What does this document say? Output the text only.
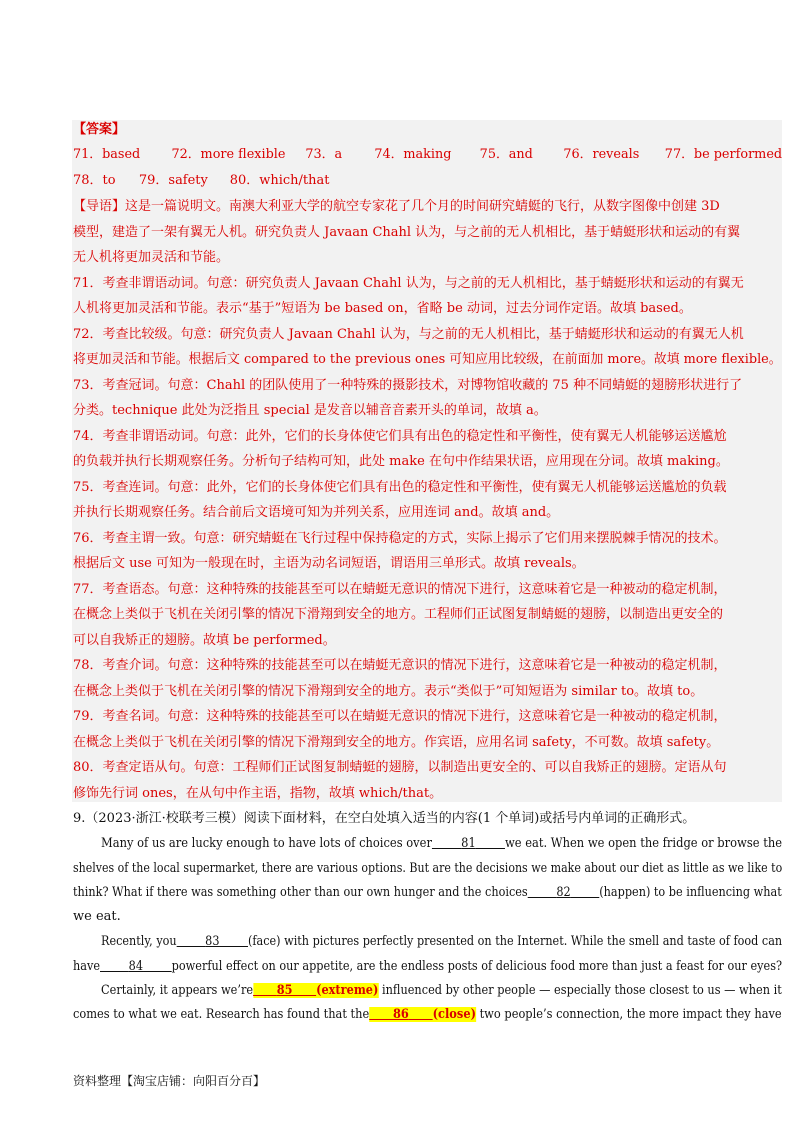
【答案】
71．based 72．more flexible 73．a 74．making 75．and 76．reveals 77．be performed
78．to 79．safety 80．which/that
【导语】这是一篇说明文。南澳大利亚大学的航空专家花了几个月的时间研究蜻蜓的飞行，从数字图像中创建 3D
模型，建造了一架有翼无人机。研究负责人 Javaan Chahl 认为，与之前的无人机相比，基于蜻蜓形状和运动的有翼
无人机将更加灵活和节能。
71．考查非谓语动词。句意：研究负责人 Javaan Chahl 认为，与之前的无人机相比，基于蜻蜓形状和运动的有翼无
人机将更加灵活和节能。表示“基于”短语为 be based on，省略 be 动词，过去分词作定语。故填 based。
72．考查比较级。句意：研究负责人 Javaan Chahl 认为，与之前的无人机相比，基于蜻蜓形状和运动的有翼无人机
将更加灵活和节能。根据后文 compared to the previous ones 可知应用比较级，在前面加 more。故填 more flexible。
73．考查冠词。句意：Chahl 的团队使用了一种特殊的摄影技术，对博物馆收藏的 75 种不同蜻蜓的翅膀形状进行了
分类。technique 此处为泛指且 special 是发音以辅音音素开头的单词，故填 a。
74．考查非谓语动词。句意：此外，它们的长身体使它们具有出色的稳定性和平衡性，使有翼无人机能够运送尴尬
的负载并执行长期观察任务。分析句子结构可知，此处 make 在句中作结果状语，应用现在分词。故填 making。
75．考查连词。句意：此外，它们的长身体使它们具有出色的稳定性和平衡性，使有翼无人机能够运送尴尬的负载
并执行长期观察任务。结合前后文语境可知为并列关系，应用连词 and。故填 and。
76．考查主谓一致。句意：研究蜻蜓在飞行过程中保持稳定的方式，实际上揭示了它们用来摆脱棘手情况的技术。
根据后文 use 可知为一般现在时，主语为动名词短语，谓语用三单形式。故填 reveals。
77．考查语态。句意：这种特殊的技能甚至可以在蜻蜓无意识的情况下进行，这意味着它是一种被动的稳定机制，
在概念上类似于飞机在关闭引擎的情况下滑翔到安全的地方。工程师们正试图复制蜻蜓的翅膀，以制造出更安全的
可以自我矫正的翅膀。故填 be performed。
78．考查介词。句意：这种特殊的技能甚至可以在蜻蜓无意识的情况下进行，这意味着它是一种被动的稳定机制，
在概念上类似于飞机在关闭引擎的情况下滑翔到安全的地方。表示“类似于”可知短语为 similar to。故填 to。
79．考查名词。句意：这种特殊的技能甚至可以在蜻蜓无意识的情况下进行，这意味着它是一种被动的稳定机制，
在概念上类似于飞机在关闭引擎的情况下滑翔到安全的地方。作宾语，应用名词 safety，不可数。故填 safety。
80．考查定语从句。句意：工程师们正试图复制蜻蜓的翅膀，以制造出更安全的、可以自我矫正的翅膀。定语从句
修饰先行词 ones，在从句中作主语，指物，故填 which/that。
9.（2023·浙江·校联考三模）阅读下面材料，在空白处填入适当的内容(1 个单词)或括号内单词的正确形式。
Many of us are lucky enough to have lots of choices over 81 we eat. When we open the fridge or browse the
shelves of the local supermarket, there are various options. But are the decisions we make about our diet as little as we like to
think? What if there was something other than our own hunger and the choices 82 (happen) to be influencing what
we eat.
Recently, you 83 (face) with pictures perfectly presented on the Internet. While the smell and taste of food can
have 84 powerful effect on our appetite, are the endless posts of delicious food more than just a feast for our eyes?
Certainly, it appears we’re 85 (extreme) influenced by other people — especially those closest to us — when it
comes to what we eat. Research has found that the 86 (close) two people’s connection, the more impact they have
资料整理【淘宝店铺：向阳百分百】
